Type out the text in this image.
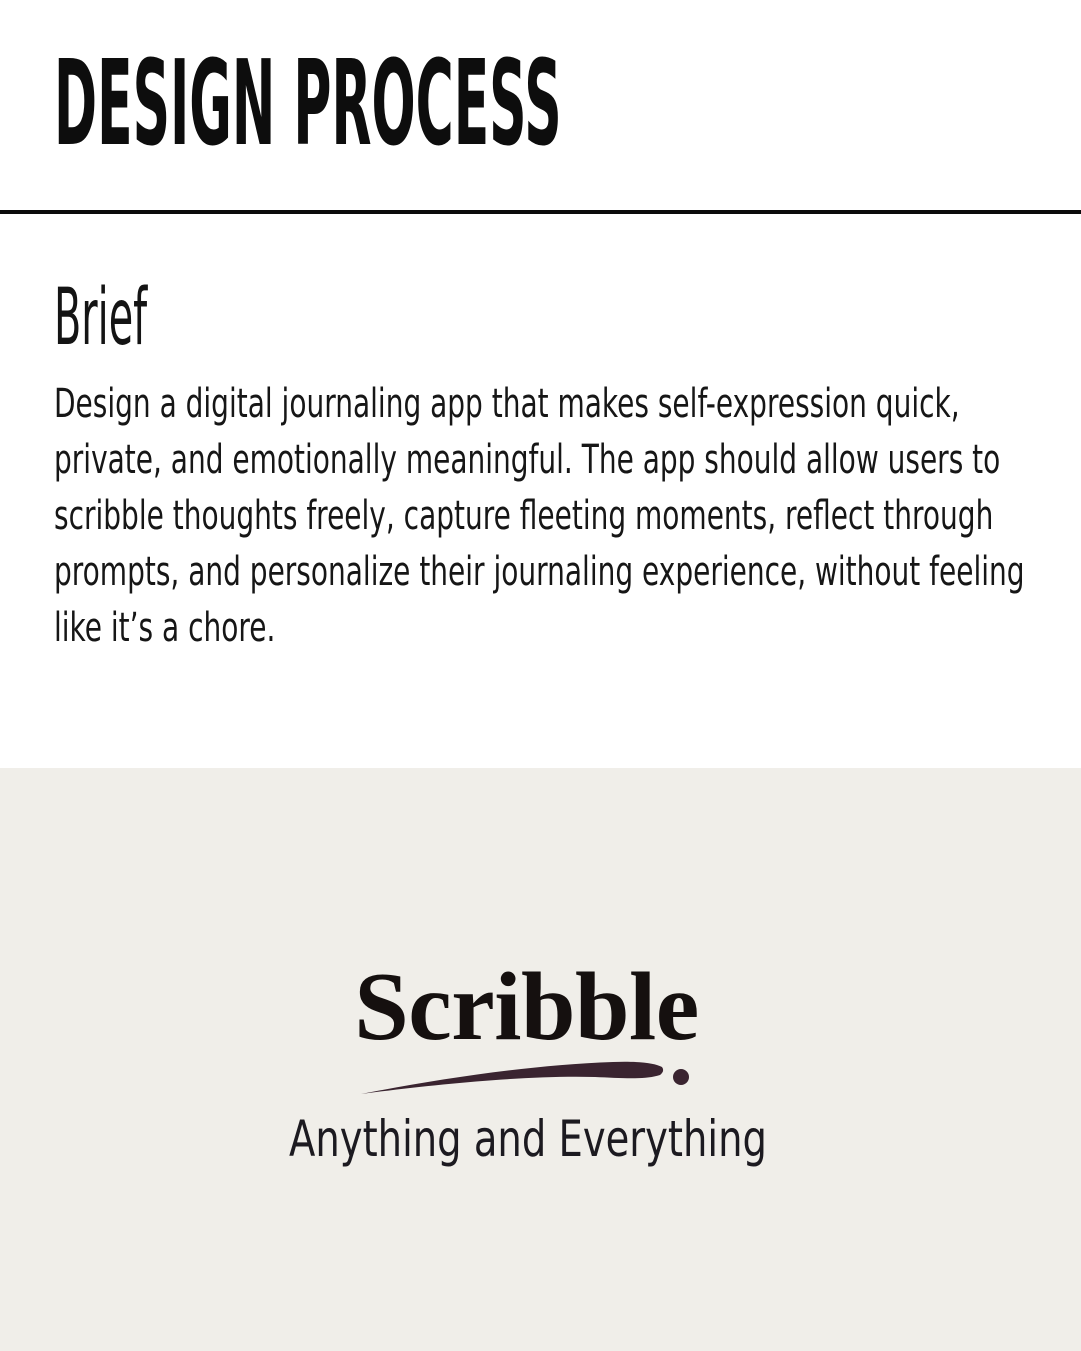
DESIGN PROCESS
Brief
Design a digital journaling app that makes self-expression quick,
private, and emotionally meaningful. The app should allow users to
scribble thoughts freely, capture fleeting moments, reflect through
prompts, and personalize their journaling experience, without feeling
like it’s a chore.
Scribble
Anything and Everything
